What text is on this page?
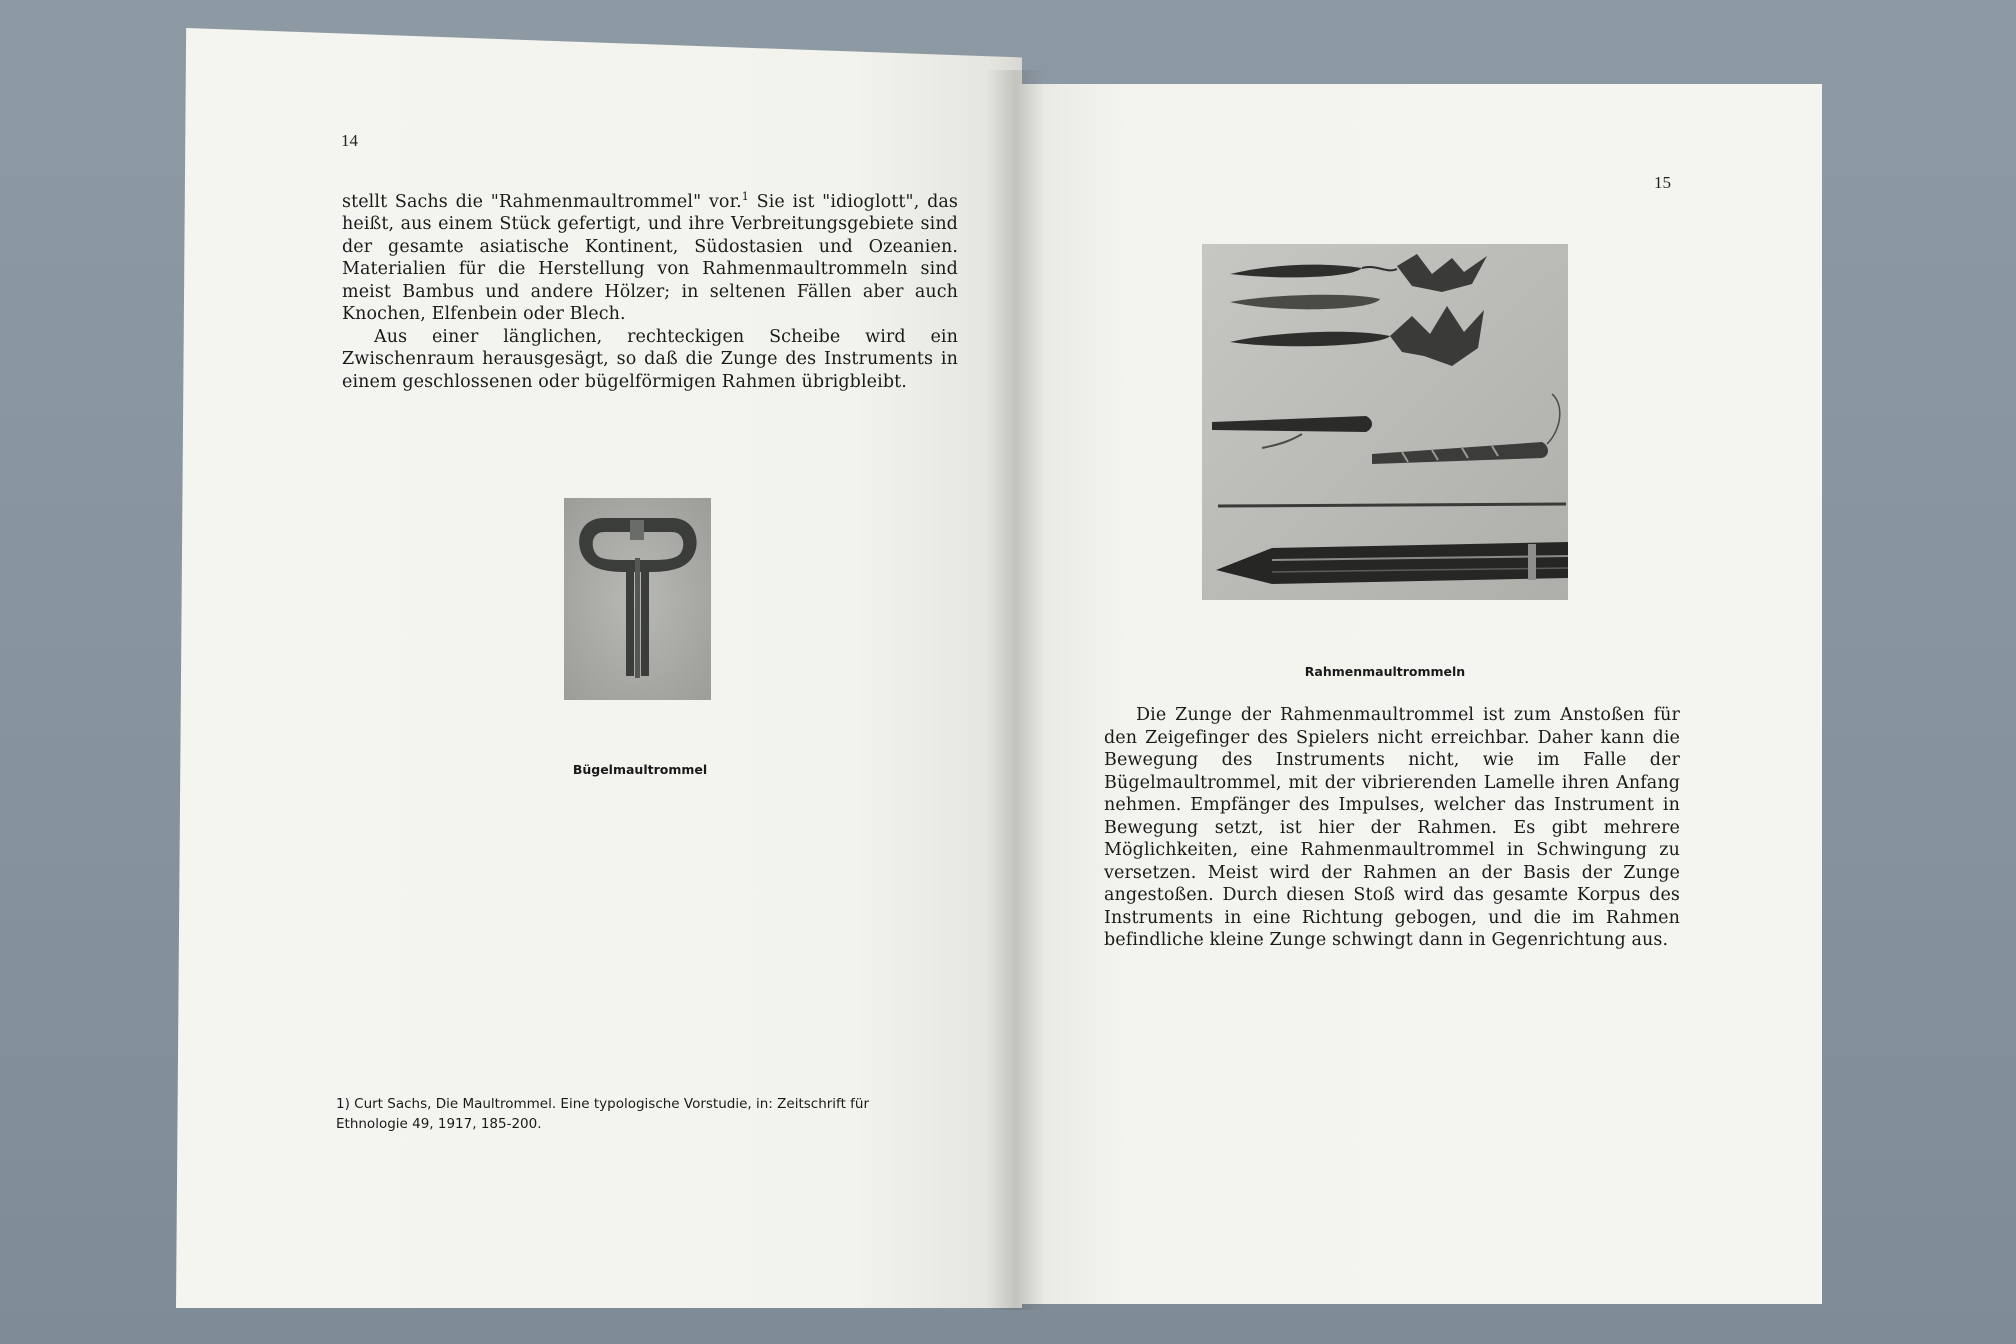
14

stellt Sachs die "Rahmenmaultrommel" vor.$^1$ Sie ist "idioglott", das heißt, aus einem Stück gefertigt, und ihre Verbreitungsgebiete sind der gesamte asiatische Kontinent, Südostasien und Ozeanien. Materialien für die Herstellung von Rahmenmaultrommeln sind meist Bambus und andere Hölzer; in seltenen Fällen aber auch Knochen, Elfenbein oder Blech.

Aus einer länglichen, rechteckigen Scheibe wird ein Zwischenraum herausgesägt, so daß die Zunge des Instruments in einem geschlossenen oder bügelförmigen Rahmen übrigbleibt.

Bügelmaultrommel
1) Curt Sachs, Die Maultrommel. Eine typologische Vorstudie, in: Zeitschrift für Ethnologie 49, 1917, 185-200.
15
Rahmenmaultrommeln

Die Zunge der Rahmenmaultrommel ist zum Anstoßen für den Zeigefinger des Spielers nicht erreichbar. Daher kann die Bewegung des Instruments nicht, wie im Falle der Bügelmaultrommel, mit der vibrierenden Lamelle ihren Anfang nehmen. Empfänger des Impulses, welcher das Instrument in Bewegung setzt, ist hier der Rahmen. Es gibt mehrere Möglichkeiten, eine Rahmenmaultrommel in Schwingung zu versetzen. Meist wird der Rahmen an der Basis der Zunge angestoßen. Durch diesen Stoß wird das gesamte Korpus des Instruments in eine Richtung gebogen, und die im Rahmen befindliche kleine Zunge schwingt dann in Gegenrichtung aus.
